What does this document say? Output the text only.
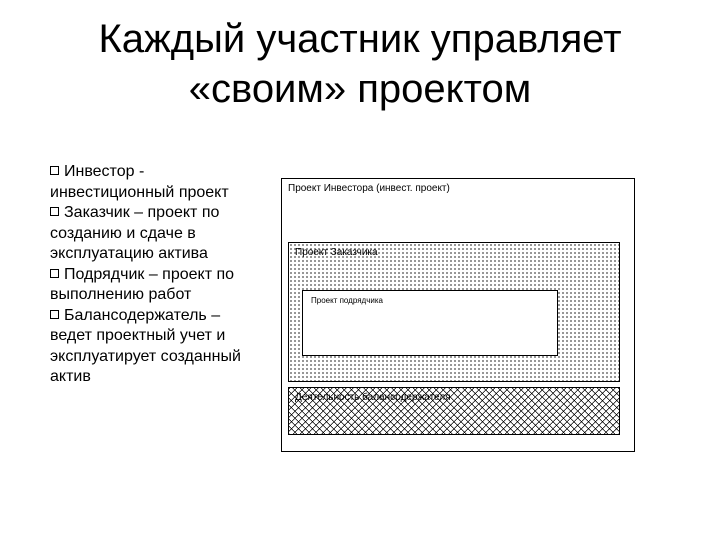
Каждый участник управляет
«своим» проектом
Инвестор - инвестиционный проект
Заказчик – проект по созданию и сдаче в эксплуатацию актива
Подрядчик – проект по выполнению работ
Балансодержатель – ведет проектный учет и эксплуатирует созданный актив
Проект Инвестора (инвест. проект)
Проект Заказчика
Проект подрядчика
Деятельность балансодержателя
